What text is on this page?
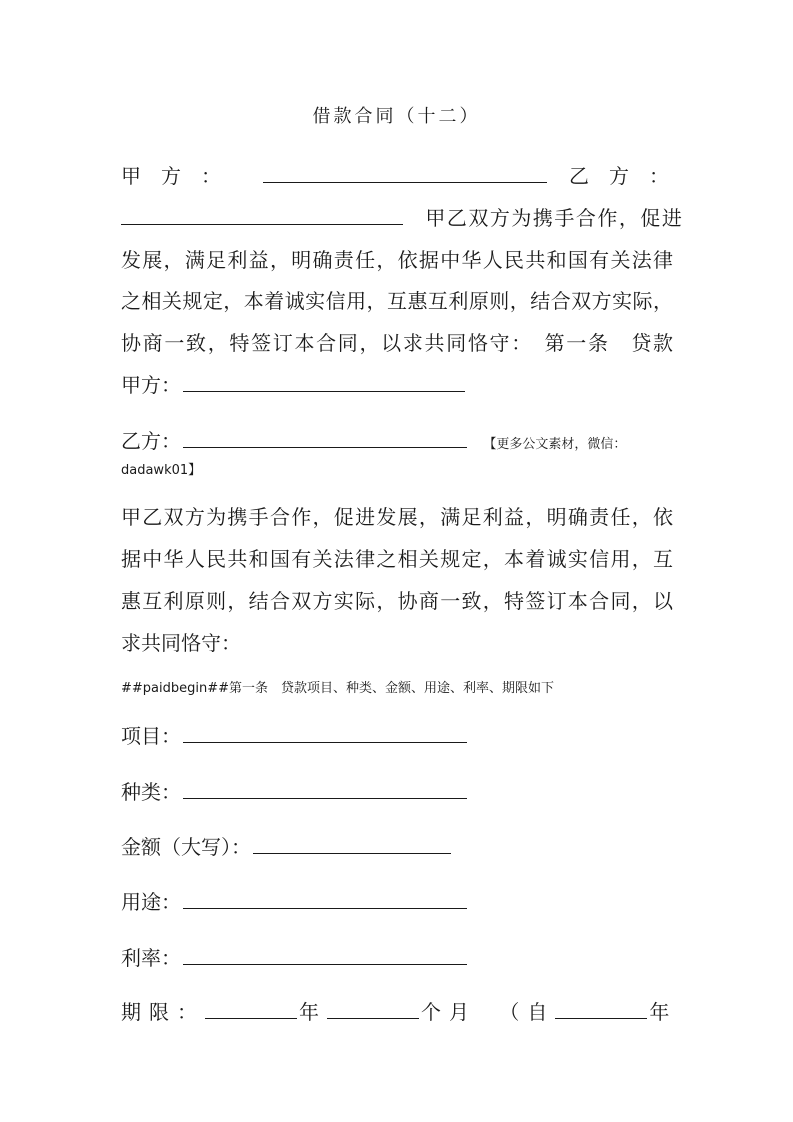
借款合同（十二）
甲　方　：	乙　方　：
甲乙双方为携手合作，促进
发展，满足利益，明确责任，依据中华人民共和国有关法律
之相关规定，本着诚实信用，互惠互利原则，结合双方实际，
协商一致，特签订本合同，以求共同恪守：　第一条　贷款
甲方：
乙方：	【更多公文素材，微信：
dadawk01】
甲乙双方为携手合作，促进发展，满足利益，明确责任，依
据中华人民共和国有关法律之相关规定，本着诚实信用，互
惠互利原则，结合双方实际，协商一致，特签订本合同，以
求共同恪守：
##paidbegin##第一条　贷款项目、种类、金额、用途、利率、期限如下
项目：
种类：
金额（大写）：
用途：
利率：
期限：	年	个月 （自	年
